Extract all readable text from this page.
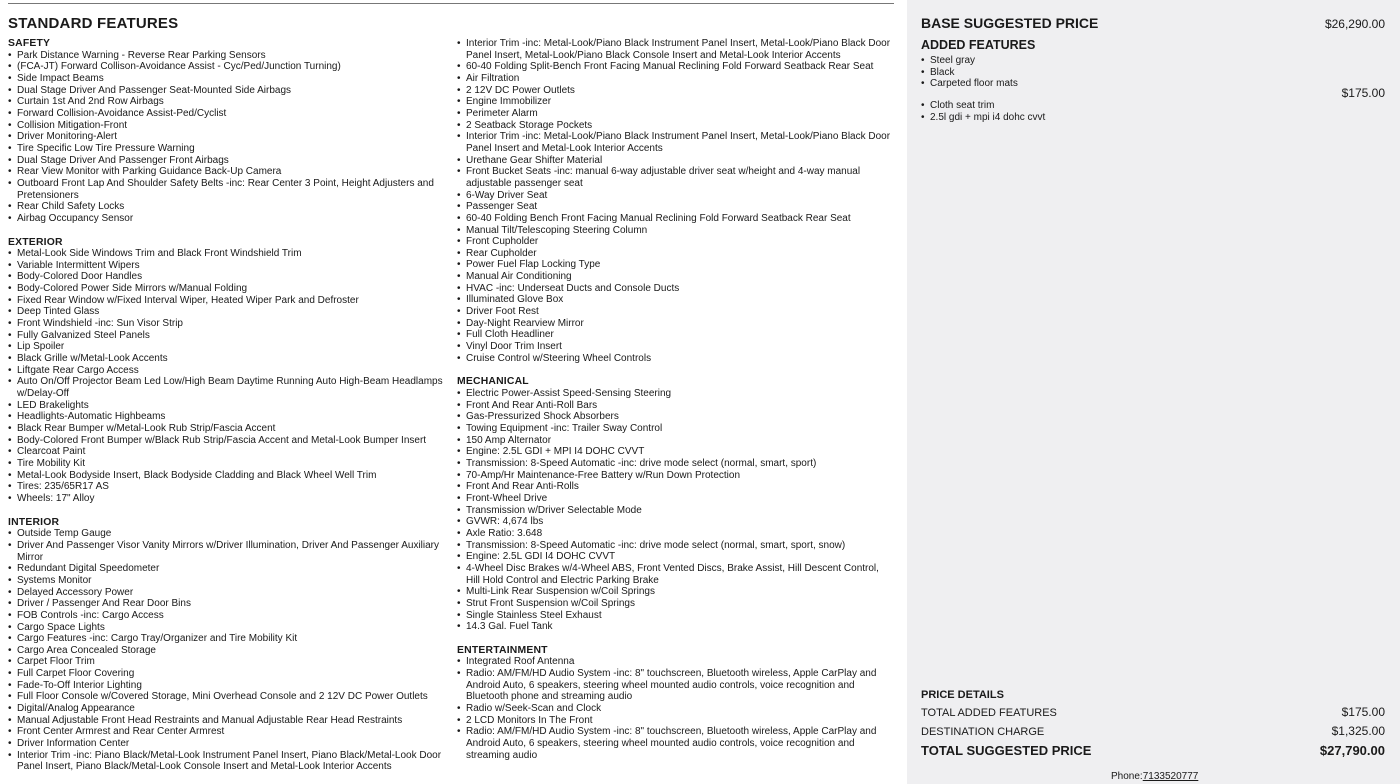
STANDARD FEATURES
SAFETY
• Park Distance Warning - Reverse Rear Parking Sensors
• (FCA-JT) Forward Collison-Avoidance Assist - Cyc/Ped/Junction Turning)
• Side Impact Beams
• Dual Stage Driver And Passenger Seat-Mounted Side Airbags
• Curtain 1st And 2nd Row Airbags
• Forward Collision-Avoidance Assist-Ped/Cyclist
• Collision Mitigation-Front
• Driver Monitoring-Alert
• Tire Specific Low Tire Pressure Warning
• Dual Stage Driver And Passenger Front Airbags
• Rear View Monitor with Parking Guidance Back-Up Camera
• Outboard Front Lap And Shoulder Safety Belts -inc: Rear Center 3 Point, Height Adjusters and Pretensioners
• Rear Child Safety Locks
• Airbag Occupancy Sensor
EXTERIOR
• Metal-Look Side Windows Trim and Black Front Windshield Trim
• Variable Intermittent Wipers
• Body-Colored Door Handles
• Body-Colored Power Side Mirrors w/Manual Folding
• Fixed Rear Window w/Fixed Interval Wiper, Heated Wiper Park and Defroster
• Deep Tinted Glass
• Front Windshield -inc: Sun Visor Strip
• Fully Galvanized Steel Panels
• Lip Spoiler
• Black Grille w/Metal-Look Accents
• Liftgate Rear Cargo Access
• Auto On/Off Projector Beam Led Low/High Beam Daytime Running Auto High-Beam Headlamps w/Delay-Off
• LED Brakelights
• Headlights-Automatic Highbeams
• Black Rear Bumper w/Metal-Look Rub Strip/Fascia Accent
• Body-Colored Front Bumper w/Black Rub Strip/Fascia Accent and Metal-Look Bumper Insert
• Clearcoat Paint
• Tire Mobility Kit
• Metal-Look Bodyside Insert, Black Bodyside Cladding and Black Wheel Well Trim
• Tires: 235/65R17 AS
• Wheels: 17" Alloy
INTERIOR
• Outside Temp Gauge
• Driver And Passenger Visor Vanity Mirrors w/Driver Illumination, Driver And Passenger Auxiliary Mirror
• Redundant Digital Speedometer
• Systems Monitor
• Delayed Accessory Power
• Driver / Passenger And Rear Door Bins
• FOB Controls -inc: Cargo Access
• Cargo Space Lights
• Cargo Features -inc: Cargo Tray/Organizer and Tire Mobility Kit
• Cargo Area Concealed Storage
• Carpet Floor Trim
• Full Carpet Floor Covering
• Fade-To-Off Interior Lighting
• Full Floor Console w/Covered Storage, Mini Overhead Console and 2 12V DC Power Outlets
• Digital/Analog Appearance
• Manual Adjustable Front Head Restraints and Manual Adjustable Rear Head Restraints
• Front Center Armrest and Rear Center Armrest
• Driver Information Center
• Interior Trim -inc: Piano Black/Metal-Look Instrument Panel Insert, Piano Black/Metal-Look Door Panel Insert, Piano Black/Metal-Look Console Insert and Metal-Look Interior Accents
• Interior Trim -inc: Metal-Look/Piano Black Instrument Panel Insert, Metal-Look/Piano Black Door Panel Insert, Metal-Look/Piano Black Console Insert and Metal-Look Interior Accents
• 60-40 Folding Split-Bench Front Facing Manual Reclining Fold Forward Seatback Rear Seat
• Air Filtration
• 2 12V DC Power Outlets
• Engine Immobilizer
• Perimeter Alarm
• 2 Seatback Storage Pockets
• Interior Trim -inc: Metal-Look/Piano Black Instrument Panel Insert, Metal-Look/Piano Black Door Panel Insert and Metal-Look Interior Accents
• Urethane Gear Shifter Material
• Front Bucket Seats -inc: manual 6-way adjustable driver seat w/height and 4-way manual adjustable passenger seat
• 6-Way Driver Seat
• Passenger Seat
• 60-40 Folding Bench Front Facing Manual Reclining Fold Forward Seatback Rear Seat
• Manual Tilt/Telescoping Steering Column
• Front Cupholder
• Rear Cupholder
• Power Fuel Flap Locking Type
• Manual Air Conditioning
• HVAC -inc: Underseat Ducts and Console Ducts
• Illuminated Glove Box
• Driver Foot Rest
• Day-Night Rearview Mirror
• Full Cloth Headliner
• Vinyl Door Trim Insert
• Cruise Control w/Steering Wheel Controls
MECHANICAL
• Electric Power-Assist Speed-Sensing Steering
• Front And Rear Anti-Roll Bars
• Gas-Pressurized Shock Absorbers
• Towing Equipment -inc: Trailer Sway Control
• 150 Amp Alternator
• Engine: 2.5L GDI + MPI I4 DOHC CVVT
• Transmission: 8-Speed Automatic -inc: drive mode select (normal, smart, sport)
• 70-Amp/Hr Maintenance-Free Battery w/Run Down Protection
• Front And Rear Anti-Rolls
• Front-Wheel Drive
• Transmission w/Driver Selectable Mode
• GVWR: 4,674 lbs
• Axle Ratio: 3.648
• Transmission: 8-Speed Automatic -inc: drive mode select (normal, smart, sport, snow)
• Engine: 2.5L GDI I4 DOHC CVVT
• 4-Wheel Disc Brakes w/4-Wheel ABS, Front Vented Discs, Brake Assist, Hill Descent Control, Hill Hold Control and Electric Parking Brake
• Multi-Link Rear Suspension w/Coil Springs
• Strut Front Suspension w/Coil Springs
• Single Stainless Steel Exhaust
• 14.3 Gal. Fuel Tank
ENTERTAINMENT
• Integrated Roof Antenna
• Radio: AM/FM/HD Audio System -inc: 8" touchscreen, Bluetooth wireless, Apple CarPlay and Android Auto, 6 speakers, steering wheel mounted audio controls, voice recognition and Bluetooth phone and streaming audio
• Radio w/Seek-Scan and Clock
• 2 LCD Monitors In The Front
• Radio: AM/FM/HD Audio System -inc: 8" touchscreen, Bluetooth wireless, Apple CarPlay and Android Auto, 6 speakers, steering wheel mounted audio controls, voice recognition and streaming audio
BASE SUGGESTED PRICE	$26,290.00
ADDED FEATURES
• Steel gray
• Black
• Carpeted floor mats
$175.00
• Cloth seat trim
• 2.5l gdi + mpi i4 dohc cvvt
PRICE DETAILS
TOTAL ADDED FEATURES	$175.00
DESTINATION CHARGE	$1,325.00
TOTAL SUGGESTED PRICE	$27,790.00
Phone:7133520777
